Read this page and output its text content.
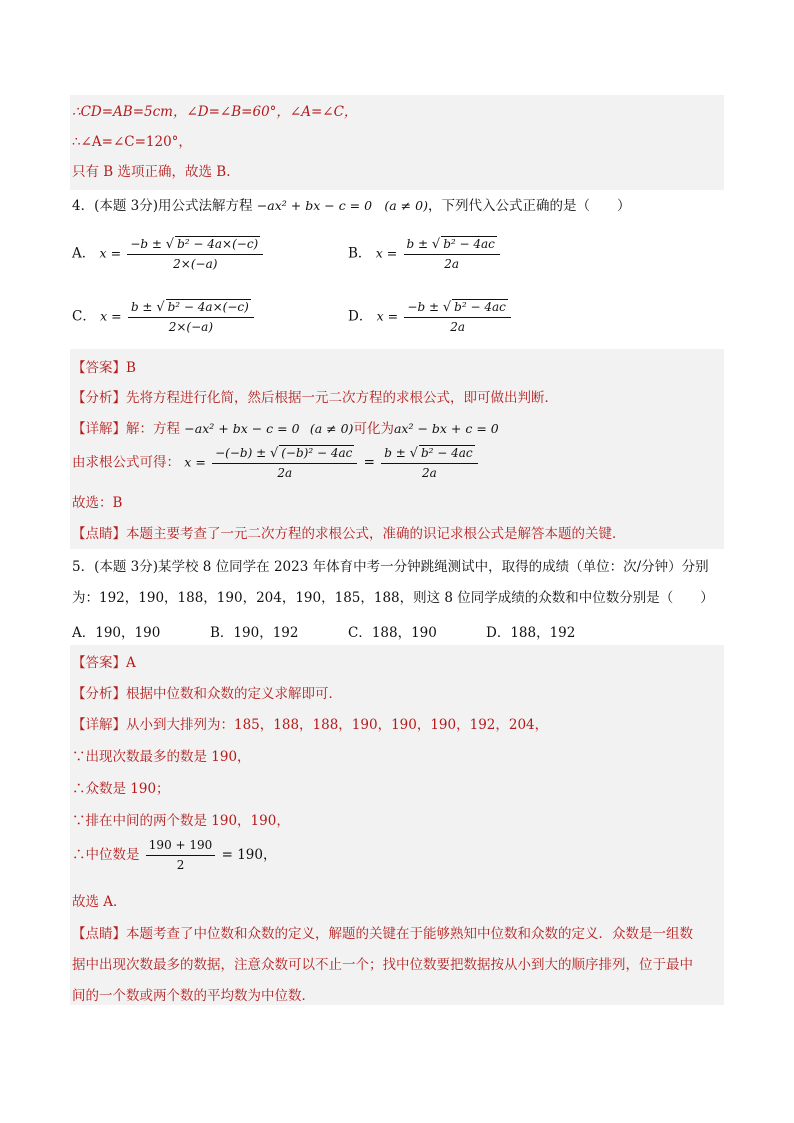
∴CD=AB=5cm，∠D=∠B=60°，∠A=∠C，
∴∠A=∠C=120°，
只有 B 选项正确，故选 B.
4．(本题 3分)用公式法解方程 −ax² + bx − c = 0 (a ≠ 0)，下列代入公式正确的是（　　）
A． $x = \frac{\text{−b ± √ b² − 4a×(−c)}}{2\times(-a)}$	B． $x = \frac{\text{b ± √ b² − 4ac}}{2a}$
C． $x = \frac{\text{b ± √ b² − 4a×(−c)}}{2\times(-a)}$	D． $x = \frac{\text{−b ± √ b² − 4ac}}{2a}$
【答案】B
【分析】先将方程进行化简，然后根据一元二次方程的求根公式，即可做出判断．
【详解】解：方程 −ax² + bx − c = 0 (a ≠ 0)可化为ax² − bx + c = 0
由求根公式可得： $x = \frac{\text{−(−b) ± √ (−b)² − 4ac}}{2a} = \frac{\text{b ± √ b² − 4ac}}{2a}$
故选：B
【点睛】本题主要考查了一元二次方程的求根公式，准确的识记求根公式是解答本题的关键．
5．(本题 3分)某学校 8 位同学在 2023 年体育中考一分钟跳绳测试中，取得的成绩（单位：次/分钟）分别
为：192，190，188，190，204，190，185，188，则这 8 位同学成绩的众数和中位数分别是（　　）
A．190，190	B．190，192	C．188，190	D．188，192
【答案】A
【分析】根据中位数和众数的定义求解即可．
【详解】从小到大排列为：185，188，188，190，190，190，192，204，
∵出现次数最多的数是 190，
∴众数是 190；
∵排在中间的两个数是 190，190，
∴中位数是 $\frac{190 + 190}{2} = 190$，
故选 A．
【点睛】本题考查了中位数和众数的定义，解题的关键在于能够熟知中位数和众数的定义．众数是一组数
据中出现次数最多的数据，注意众数可以不止一个；找中位数要把数据按从小到大的顺序排列，位于最中
间的一个数或两个数的平均数为中位数．
